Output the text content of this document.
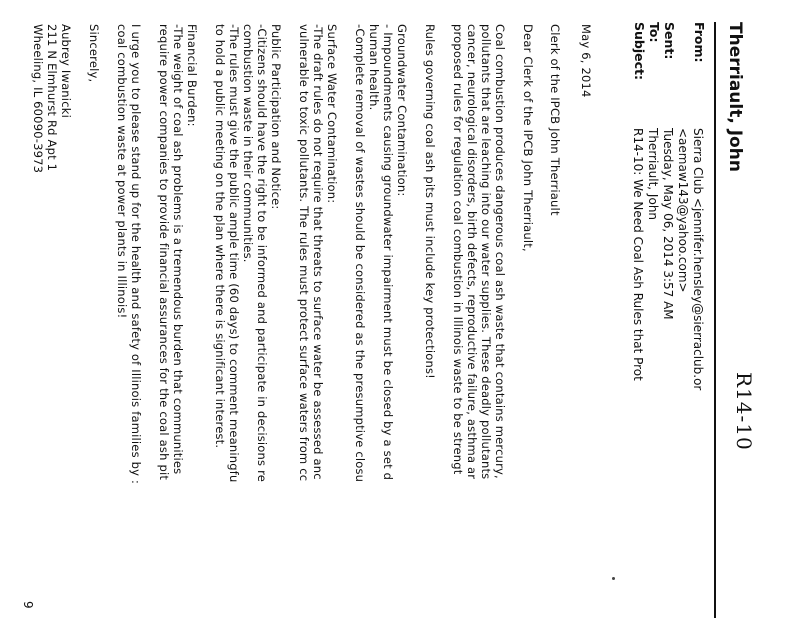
R14-10
Therriault, John
From:
Sierra Club <jennifer.hensley@sierraclub.or
<aemaw143@yahoo.com>
Sent:
Tuesday, May 06, 2014 3:57 AM
To:
Therriault, John
Subject:
R14-10: We Need Coal Ash Rules that Prot
May 6, 2014
Clerk of the IPCB John Therriault
Dear Clerk of the IPCB John Therriault,
Coal combustion produces dangerous coal ash waste that contains mercury,
pollutants that are leaching into our water supplies. These deadly pollutants
cancer, neurological disorders, birth defects, reproductive failure, asthma ar
proposed rules for regulation coal combustion in Illinois waste to be strengt
Rules governing coal ash pits must include key protections!
Groundwater Contamination:
- Impoundments causing groundwater impairment must be closed by a set d
human health.
-Complete removal of wastes should be considered as the presumptive closu
Surface Water Contamination:
-The draft rules do not require that threats to surface water be assessed anc
vulnerable to toxic pollutants. The rules must protect surface waters from cc
Public Participation and Notice:
-Citizens should have the right to be informed and participate in decisions re
combustion waste in their communities.
-The rules must give the public ample time (60 days) to comment meaningfu
to hold a public meeting on the plan where there is significant interest.
Financial Burden:
-The weight of coal ash problems is a tremendous burden that communities
require power companies to provide financial assurances for the coal ash pit
I urge you to please stand up for the health and safety of Illinois families by :
coal combustion waste at power plants in Illinois!
Sincerely,
Aubrey Iwanicki
211 N Elmhurst Rd Apt 1
Wheeling, IL 60090-3973
9
